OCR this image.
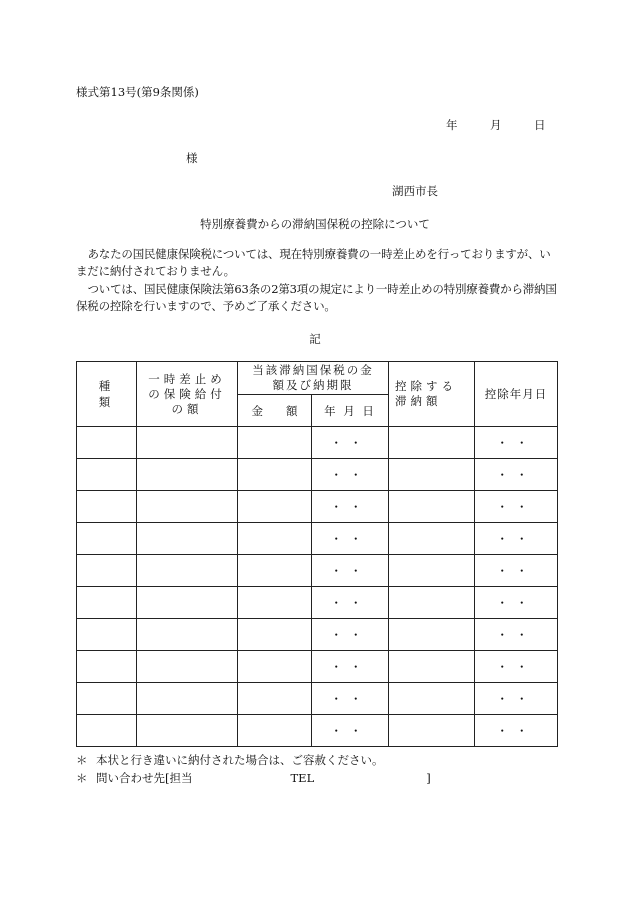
様式第13号(第9条関係)
年	月	日
様
湖西市長
特別療養費からの滞納国保税の控除について
あなたの国民健康保険税については、現在特別療養費の一時差止めを行っておりますが、いまだに納付されておりません。
ついては、国民健康保険法第63条の2第3項の規定により一時差止めの特別療養費から滞納国保税の控除を行いますので、予めご了承ください。
記
種　　類	一時差止めの保険給付の額	当該滞納国保税の金額及び納期限		控除する滞納額	控除年月日
		金　　額	年 月 日		
			・・		・・
			・・		・・
			・・		・・
			・・		・・
			・・		・・
			・・		・・
			・・		・・
			・・		・・
			・・		・・
			・・		・・
＊ 本状と行き違いに納付された場合は、ご容赦ください。
＊ 問い合わせ先[担当	TEL	]
